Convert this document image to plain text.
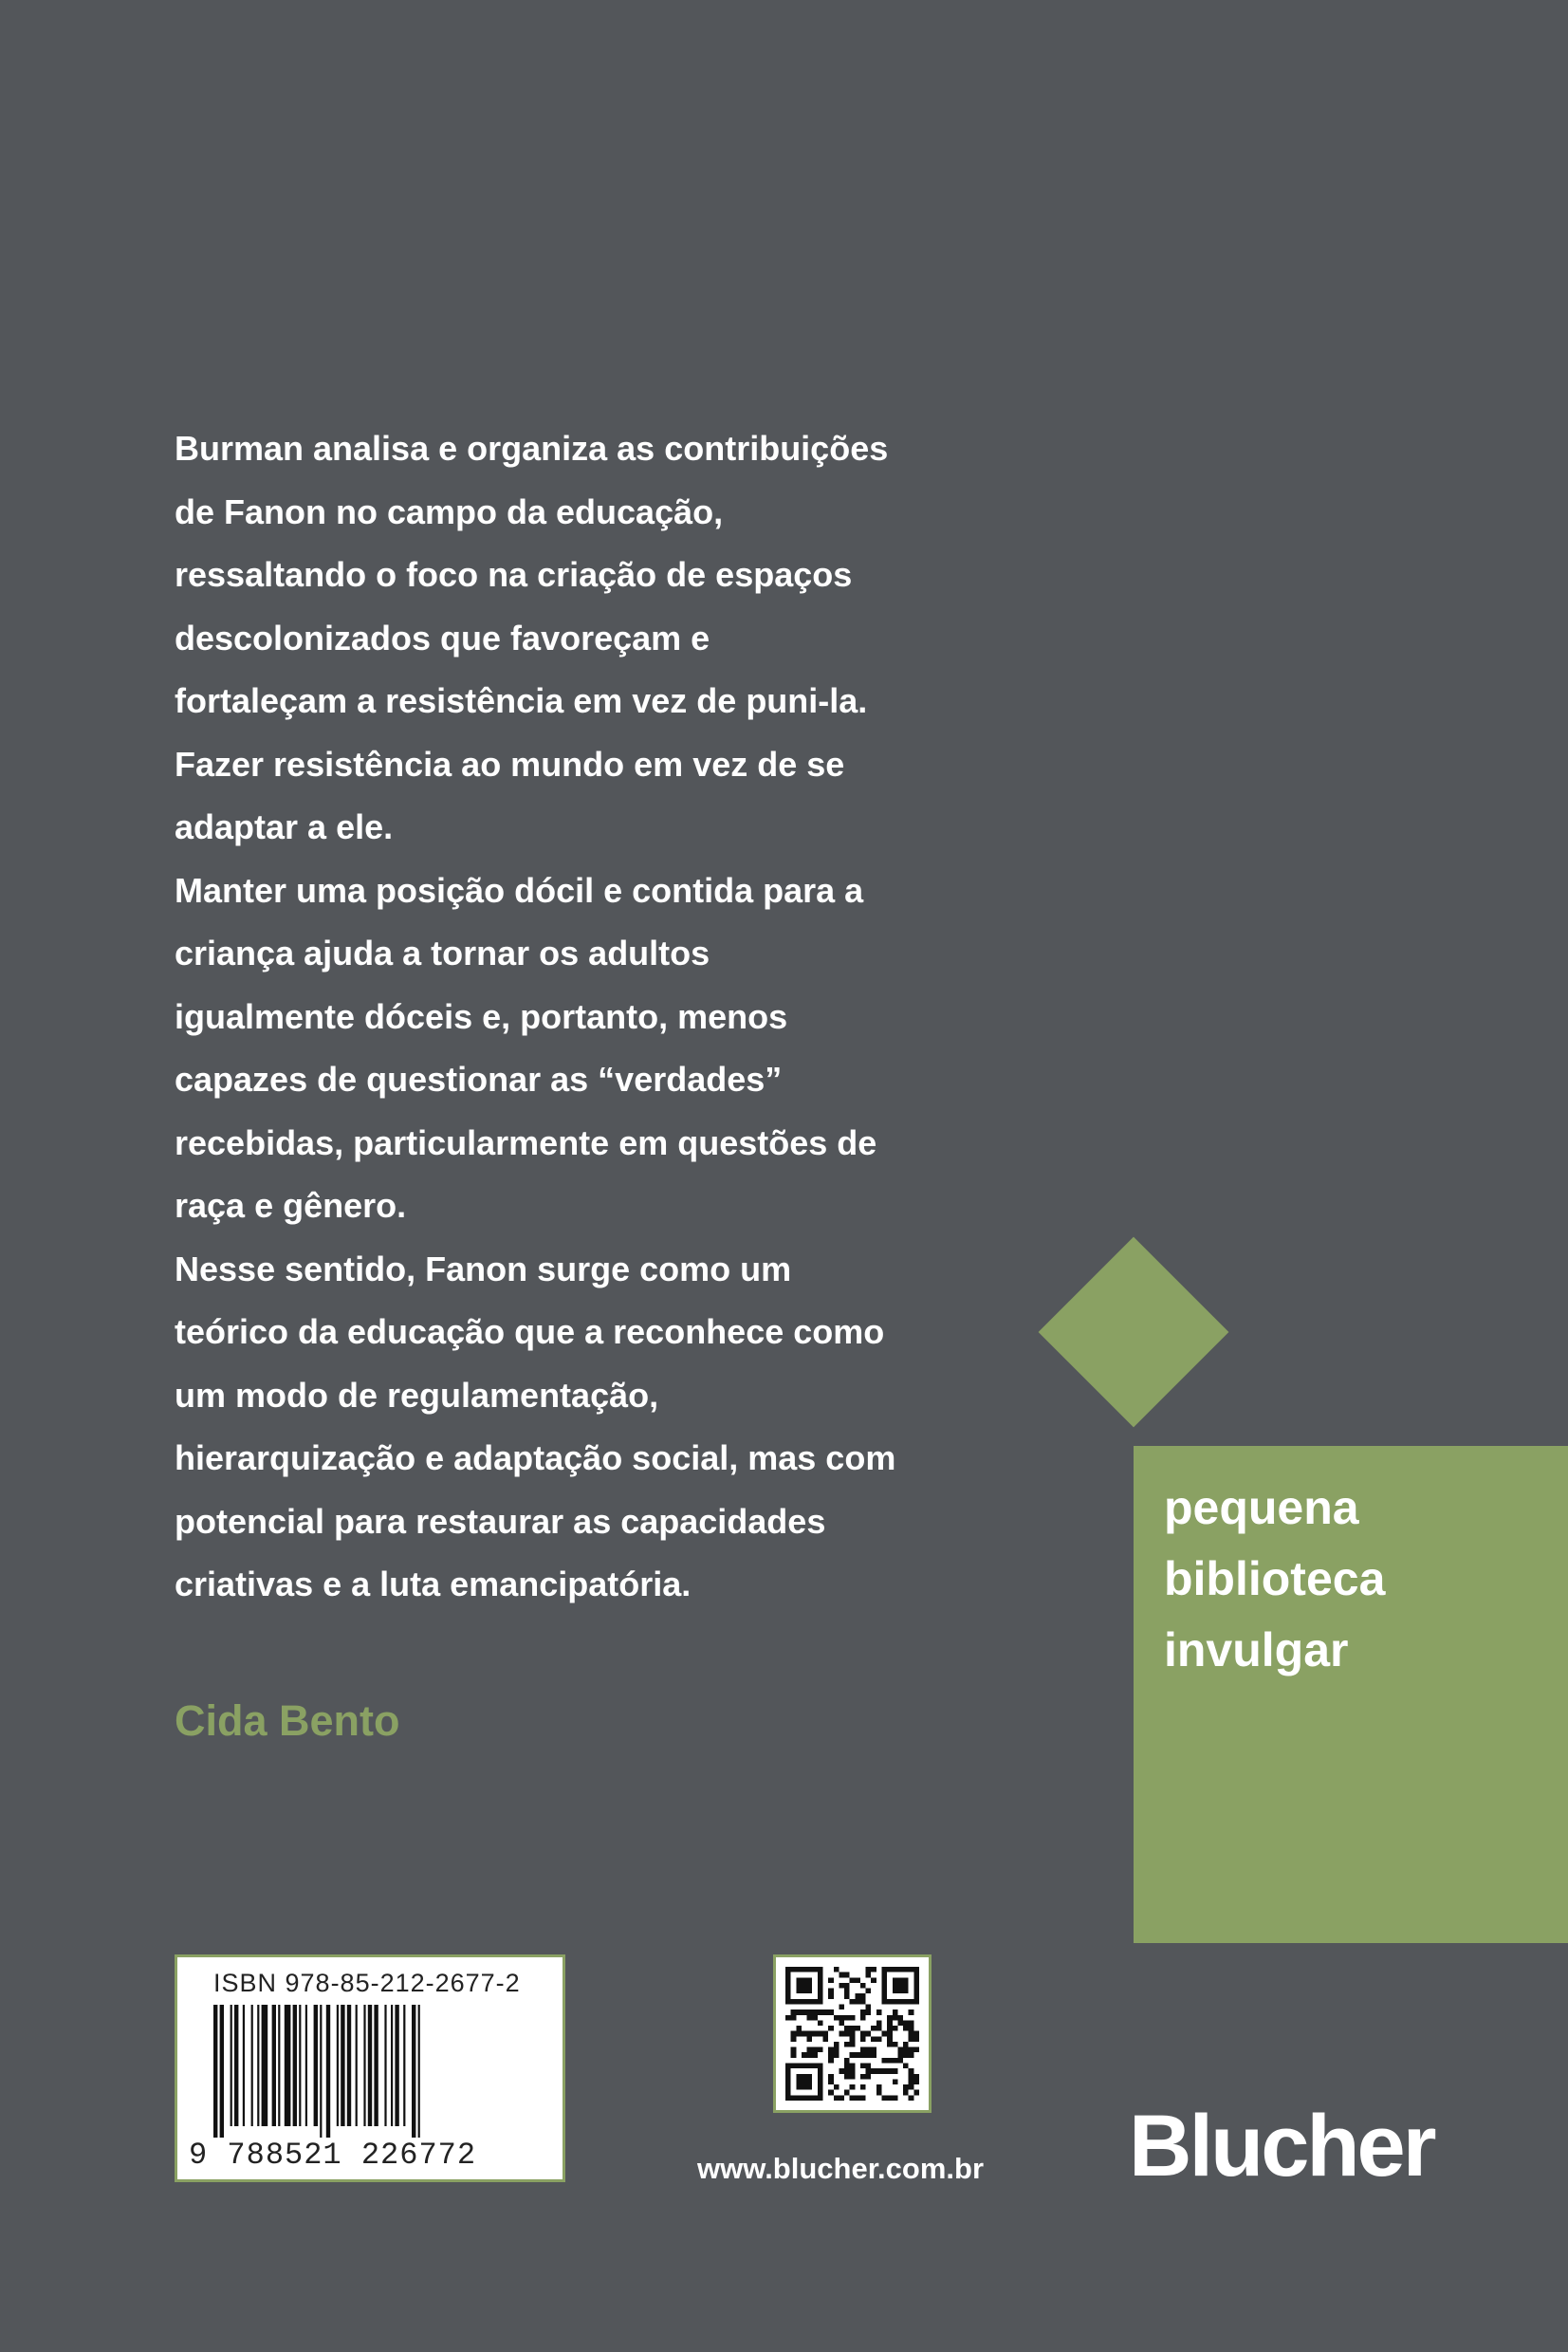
Burman analisa e organiza as contribuições

de Fanon no campo da educação,

ressaltando o foco na criação de espaços

descolonizados que favoreçam e

fortaleçam a resistência em vez de puni-la.

Fazer resistência ao mundo em vez de se

adaptar a ele.

Manter uma posição dócil e contida para a

criança ajuda a tornar os adultos

igualmente dóceis e, portanto, menos

capazes de questionar as “verdades”

recebidas, particularmente em questões de

raça e gênero.

Nesse sentido, Fanon surge como um

teórico da educação que a reconhece como

um modo de regulamentação,

hierarquização e adaptação social, mas com

potencial para restaurar as capacidades

criativas e a luta emancipatória.

Cida Bento
pequena
biblioteca
invulgar
ISBN 978-85-212-2677-2
9 788521 226772	www.blucher.com.br Blucher
